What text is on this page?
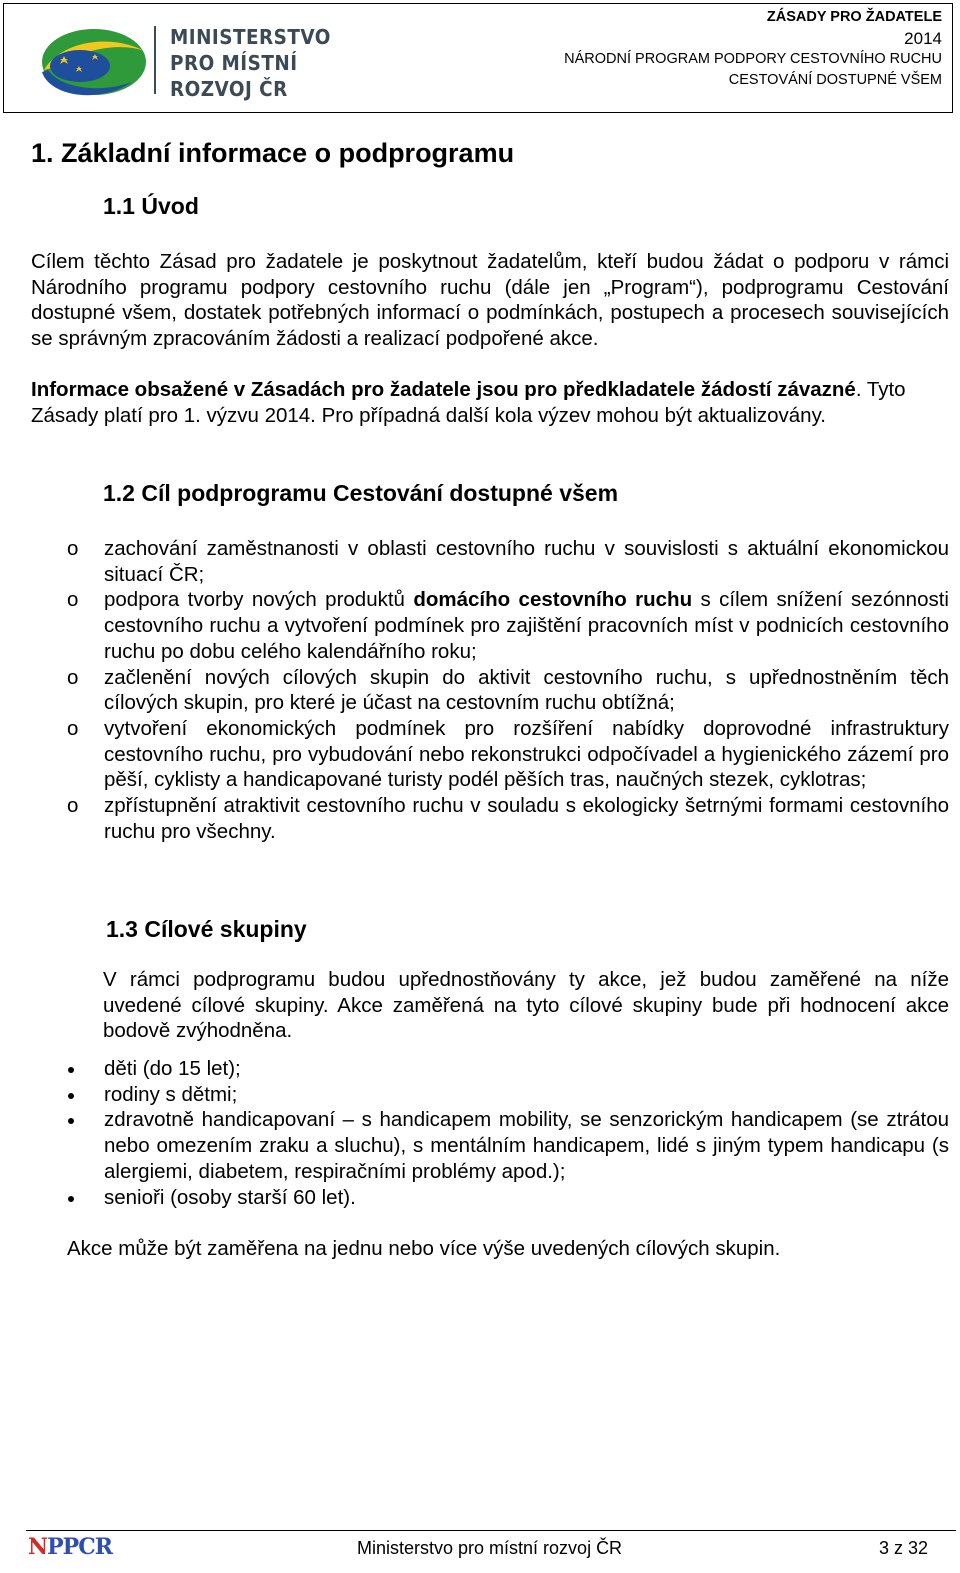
MINISTERSTVO
PRO MÍSTNÍ
ROZVOJ ČR
ZÁSADY PRO ŽADATELE
2014
NÁRODNÍ PROGRAM PODPORY CESTOVNÍHO RUCHU
CESTOVÁNÍ DOSTUPNÉ VŠEM
1. Základní informace o podprogramu
1.1 Úvod
Cílem těchto Zásad pro žadatele je poskytnout žadatelům, kteří budou žádat o podporu v rámci Národního programu podpory cestovního ruchu (dále jen „Program“), podprogramu Cestování dostupné všem, dostatek potřebných informací o podmínkách, postupech a procesech souvisejících se správným zpracováním žádosti a realizací podpořené akce.
Informace obsažené v Zásadách pro žadatele jsou pro předkladatele žádostí závazné. Tyto Zásady platí pro 1. výzvu 2014. Pro případná další kola výzev mohou být aktualizovány.
1.2 Cíl podprogramu Cestování dostupné všem
o zachování zaměstnanosti v oblasti cestovního ruchu v souvislosti s aktuální ekonomickou situací ČR;
o podpora tvorby nových produktů domácího cestovního ruchu s cílem snížení sezónnosti cestovního ruchu a vytvoření podmínek pro zajištění pracovních míst v podnicích cestovního ruchu po dobu celého kalendářního roku;
o začlenění nových cílových skupin do aktivit cestovního ruchu, s upřednostněním těch cílových skupin, pro které je účast na cestovním ruchu obtížná;
o vytvoření ekonomických podmínek pro rozšíření nabídky doprovodné infrastruktury cestovního ruchu, pro vybudování nebo rekonstrukci odpočívadel a hygienického zázemí pro pěší, cyklisty a handicapované turisty podél pěších tras, naučných stezek, cyklotras;
o zpřístupnění atraktivit cestovního ruchu v souladu s ekologicky šetrnými formami cestovního ruchu pro všechny.
1.3 Cílové skupiny
V rámci podprogramu budou upřednostňovány ty akce, jež budou zaměřené na níže uvedené cílové skupiny. Akce zaměřená na tyto cílové skupiny bude při hodnocení akce bodově zvýhodněna.
děti (do 15 let);
rodiny s dětmi;
zdravotně handicapovaní – s handicapem mobility, se senzorickým handicapem (se ztrátou nebo omezením zraku a sluchu), s mentálním handicapem, lidé s jiným typem handicapu (s alergiemi, diabetem, respiračními problémy apod.);
senioři (osoby starší 60 let).
Akce může být zaměřena na jednu nebo více výše uvedených cílových skupin.
NPPCR	Ministerstvo pro místní rozvoj ČR	3 z 32
